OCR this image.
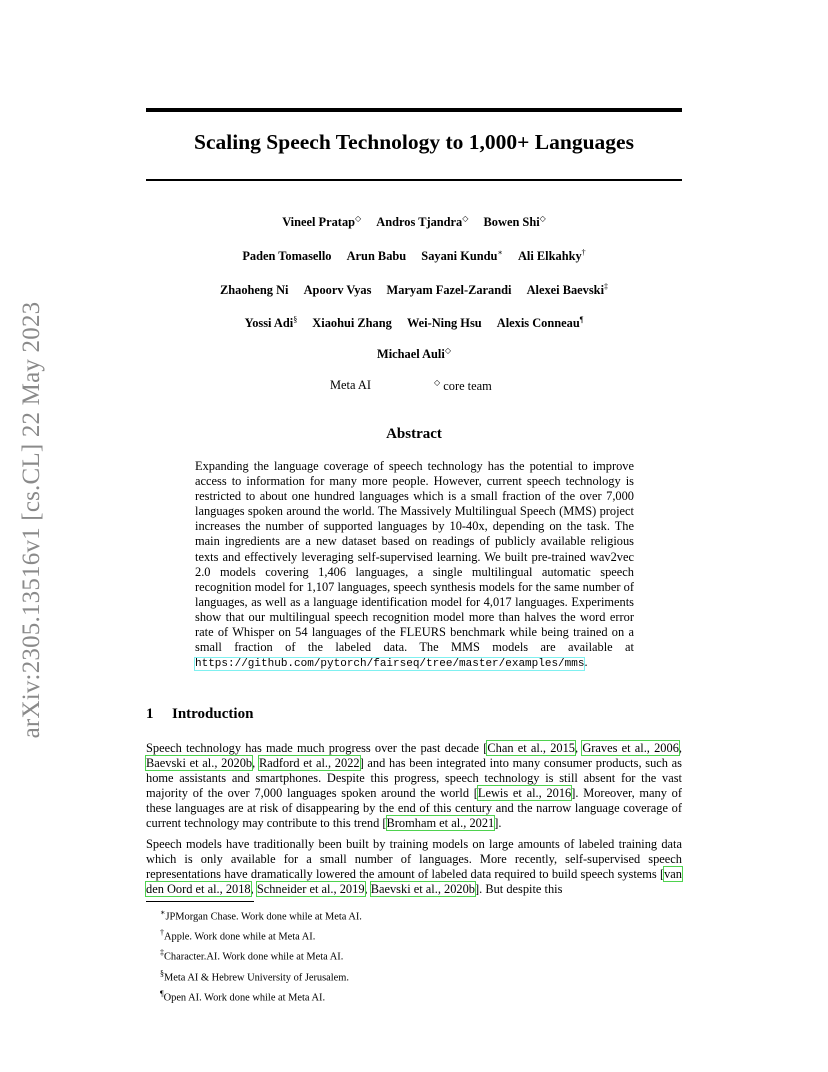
arXiv:2305.13516v1 [cs.CL] 22 May 2023
Scaling Speech Technology to 1,000+ Languages
Vineel Pratap◇ Andros Tjandra◇ Bowen Shi◇
Paden Tomasello Arun Babu Sayani Kundu∗ Ali Elkahky†
Zhaoheng Ni Apoorv Vyas Maryam Fazel-Zarandi Alexei Baevski‡
Yossi Adi§ Xiaohui Zhang Wei-Ning Hsu Alexis Conneau¶
Michael Auli◇
Meta AI	◇ core team
Abstract
Expanding the language coverage of speech technology has the potential to improve access to information for many more people. However, current speech technology is restricted to about one hundred languages which is a small fraction of the over 7,000 languages spoken around the world. The Massively Multilingual Speech (MMS) project increases the number of supported languages by 10-40x, depending on the task. The main ingredients are a new dataset based on readings of publicly available religious texts and effectively leveraging self-supervised learning. We built pre-trained wav2vec 2.0 models covering 1,406 languages, a single multilingual automatic speech recognition model for 1,107 languages, speech synthesis models for the same number of languages, as well as a language identification model for 4,017 languages. Experiments show that our multilingual speech recognition model more than halves the word error rate of Whisper on 54 languages of the FLEURS benchmark while being trained on a small fraction of the labeled data. The MMS models are available at https://github.com/pytorch/fairseq/tree/master/examples/mms.
1 Introduction
Speech technology has made much progress over the past decade [Chan et al., 2015, Graves et al., 2006, Baevski et al., 2020b, Radford et al., 2022] and has been integrated into many consumer products, such as home assistants and smartphones. Despite this progress, speech technology is still absent for the vast majority of the over 7,000 languages spoken around the world [Lewis et al., 2016]. Moreover, many of these languages are at risk of disappearing by the end of this century and the narrow language coverage of current technology may contribute to this trend [Bromham et al., 2021].
Speech models have traditionally been built by training models on large amounts of labeled training data which is only available for a small number of languages. More recently, self-supervised speech representations have dramatically lowered the amount of labeled data required to build speech systems [van den Oord et al., 2018, Schneider et al., 2019, Baevski et al., 2020b]. But despite this
∗JPMorgan Chase. Work done while at Meta AI.
†Apple. Work done while at Meta AI.
‡Character.AI. Work done while at Meta AI.
§Meta AI & Hebrew University of Jerusalem.
¶Open AI. Work done while at Meta AI.
